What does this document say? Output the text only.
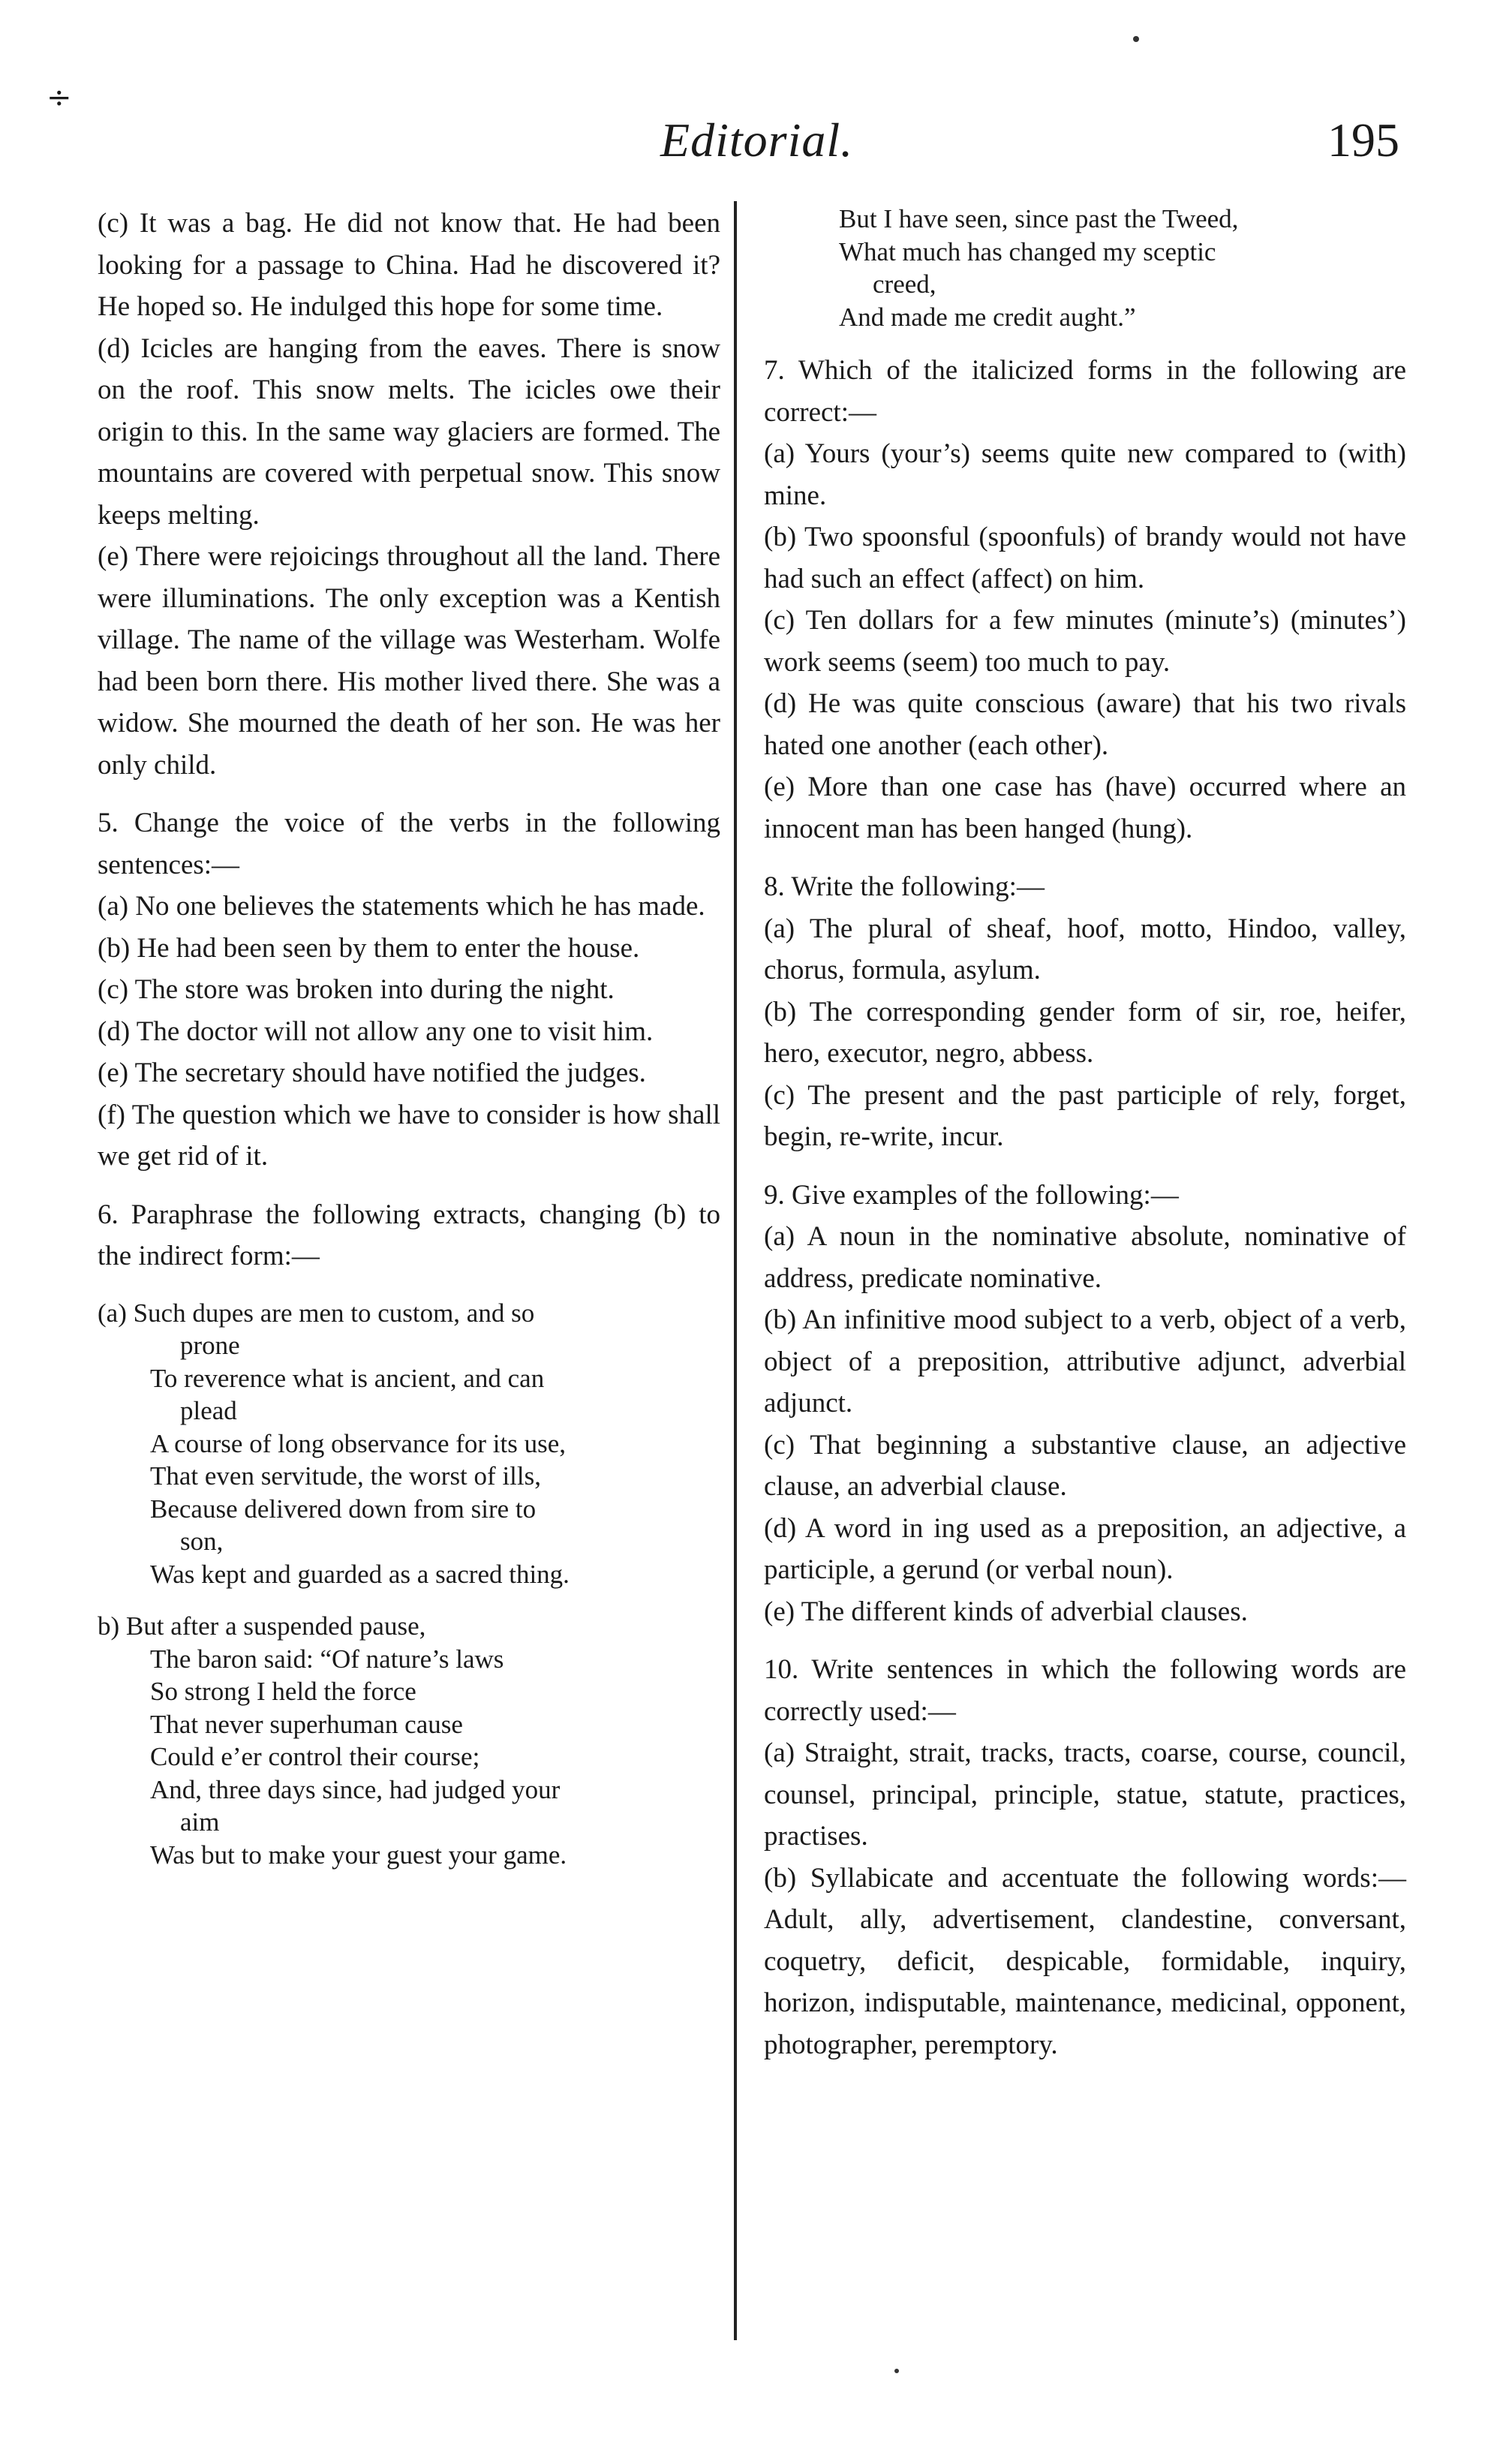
÷
Editorial.	195

(c) It was a bag. He did not know that. He had been looking for a passage to China. Had he discovered it? He hoped so. He indulged this hope for some time.

(d) Icicles are hanging from the eaves. There is snow on the roof. This snow melts. The icicles owe their origin to this. In the same way glaciers are formed. The mountains are covered with perpetual snow. This snow keeps melting.

(e) There were rejoicings throughout all the land. There were illuminations. The only exception was a Kentish village. The name of the village was Westerham. Wolfe had been born there. His mother lived there. She was a widow. She mourned the death of her son. He was her only child.

5. Change the voice of the verbs in the following sentences:—

(a) No one believes the statements which he has made.

(b) He had been seen by them to enter the house.

(c) The store was broken into during the night.

(d) The doctor will not allow any one to visit him.

(e) The secretary should have notified the judges.

(f) The question which we have to consider is how shall we get rid of it.

6. Paraphrase the following extracts, changing (b) to the indirect form:—

(a) Such dupes are men to custom, and so
prone
To reverence what is ancient, and can
plead
A course of long observance for its use,
That even servitude, the worst of ills,
Because delivered down from sire to
son,
Was kept and guarded as a sacred thing.
b) But after a suspended pause,
The baron said: “Of nature’s laws
So strong I held the force
That never superhuman cause
Could e’er control their course;
And, three days since, had judged your
aim
Was but to make your guest your game.
But I have seen, since past the Tweed,
What much has changed my sceptic
creed,
And made me credit aught.”

7. Which of the italicized forms in the following are correct:—

(a) Yours (your’s) seems quite new compared to (with) mine.

(b) Two spoonsful (spoonfuls) of brandy would not have had such an effect (affect) on him.

(c) Ten dollars for a few minutes (minute’s) (minutes’) work seems (seem) too much to pay.

(d) He was quite conscious (aware) that his two rivals hated one another (each other).

(e) More than one case has (have) occurred where an innocent man has been hanged (hung).

8. Write the following:—

(a) The plural of sheaf, hoof, motto, Hindoo, valley, chorus, formula, asylum.

(b) The corresponding gender form of sir, roe, heifer, hero, executor, negro, abbess.

(c) The present and the past participle of rely, forget, begin, re-write, incur.

9. Give examples of the following:—

(a) A noun in the nominative absolute, nominative of address, predicate nominative.

(b) An infinitive mood subject to a verb, object of a verb, object of a preposition, attributive adjunct, adverbial adjunct.

(c) That beginning a substantive clause, an adjective clause, an adverbial clause.

(d) A word in ing used as a preposition, an adjective, a participle, a gerund (or verbal noun).

(e) The different kinds of adverbial clauses.

10. Write sentences in which the following words are correctly used:—

(a) Straight, strait, tracks, tracts, coarse, course, council, counsel, principal, principle, statue, statute, practices, practises.

(b) Syllabicate and accentuate the following words:—Adult, ally, advertisement, clandestine, conversant, coquetry, deficit, despicable, formidable, inquiry, horizon, indisputable, maintenance, medicinal, opponent, photographer, peremptory.
